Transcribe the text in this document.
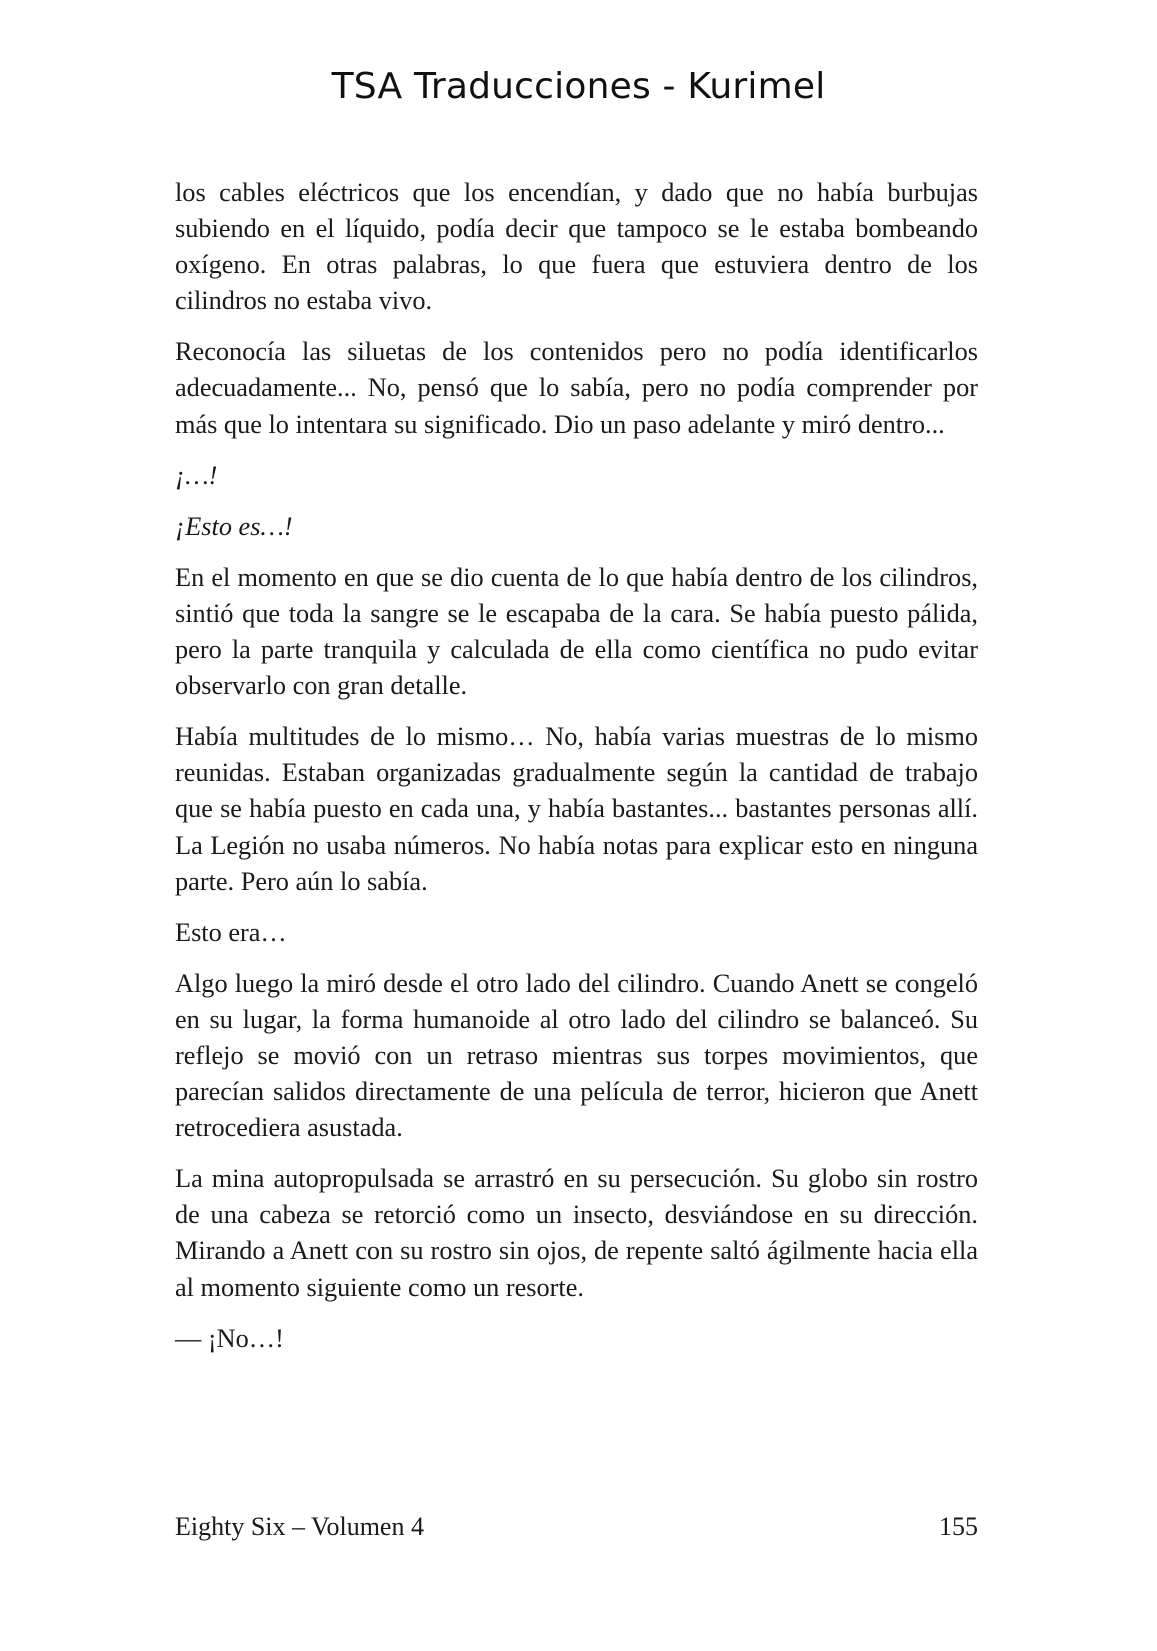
TSA Traducciones - Kurimel

los cables eléctricos que los encendían, y dado que no había burbujas subiendo en el líquido, podía decir que tampoco se le estaba bombeando oxígeno. En otras palabras, lo que fuera que estuviera dentro de los cilindros no estaba vivo.

Reconocía las siluetas de los contenidos pero no podía identificarlos adecuadamente... No, pensó que lo sabía, pero no podía comprender por más que lo intentara su significado. Dio un paso adelante y miró dentro...

¡…!

¡Esto es…!

En el momento en que se dio cuenta de lo que había dentro de los cilindros, sintió que toda la sangre se le escapaba de la cara. Se había puesto pálida, pero la parte tranquila y calculada de ella como científica no pudo evitar observarlo con gran detalle.

Había multitudes de lo mismo… No, había varias muestras de lo mismo reunidas. Estaban organizadas gradualmente según la cantidad de trabajo que se había puesto en cada una, y había bastantes... bastantes personas allí. La Legión no usaba números. No había notas para explicar esto en ninguna parte. Pero aún lo sabía.

Esto era…

Algo luego la miró desde el otro lado del cilindro. Cuando Anett se congeló en su lugar, la forma humanoide al otro lado del cilindro se balanceó. Su reflejo se movió con un retraso mientras sus torpes movimientos, que parecían salidos directamente de una película de terror, hicieron que Anett retrocediera asustada.

La mina autopropulsada se arrastró en su persecución. Su globo sin rostro de una cabeza se retorció como un insecto, desviándose en su dirección. Mirando a Anett con su rostro sin ojos, de repente saltó ágilmente hacia ella al momento siguiente como un resorte.

— ¡No…!

Eighty Six – Volumen 4	155
